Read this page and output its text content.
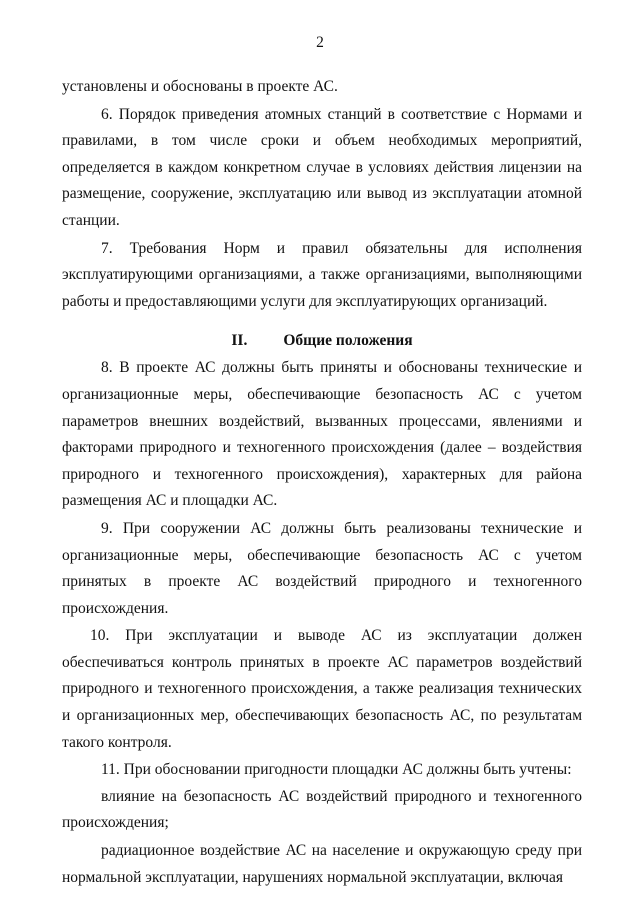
2

установлены и обоснованы в проекте АС.

6. Порядок приведения атомных станций в соответствие с Нормами и правилами, в том числе сроки и объем необходимых мероприятий, определяется в каждом конкретном случае в условиях действия лицензии на размещение, сооружение, эксплуатацию или вывод из эксплуатации атомной станции.

7. Требования Норм и правил обязательны для исполнения эксплуатирующими организациями, а также организациями, выполняющими работы и предоставляющими услуги для эксплуатирующих организаций.

II. Общие положения

8. В проекте АС должны быть приняты и обоснованы технические и организационные меры, обеспечивающие безопасность АС с учетом параметров внешних воздействий, вызванных процессами, явлениями и факторами природного и техногенного происхождения (далее – воздействия природного и техногенного происхождения), характерных для района размещения АС и площадки АС.

9. При сооружении АС должны быть реализованы технические и организационные меры, обеспечивающие безопасность АС с учетом принятых в проекте АС воздействий природного и техногенного происхождения.

10. При эксплуатации и выводе АС из эксплуатации должен обеспечиваться контроль принятых в проекте АС параметров воздействий природного и техногенного происхождения, а также реализация технических и организационных мер, обеспечивающих безопасность АС, по результатам такого контроля.

11. При обосновании пригодности площадки АС должны быть учтены:

влияние на безопасность АС воздействий природного и техногенного происхождения;

радиационное воздействие АС на население и окружающую среду при нормальной эксплуатации, нарушениях нормальной эксплуатации, включая
